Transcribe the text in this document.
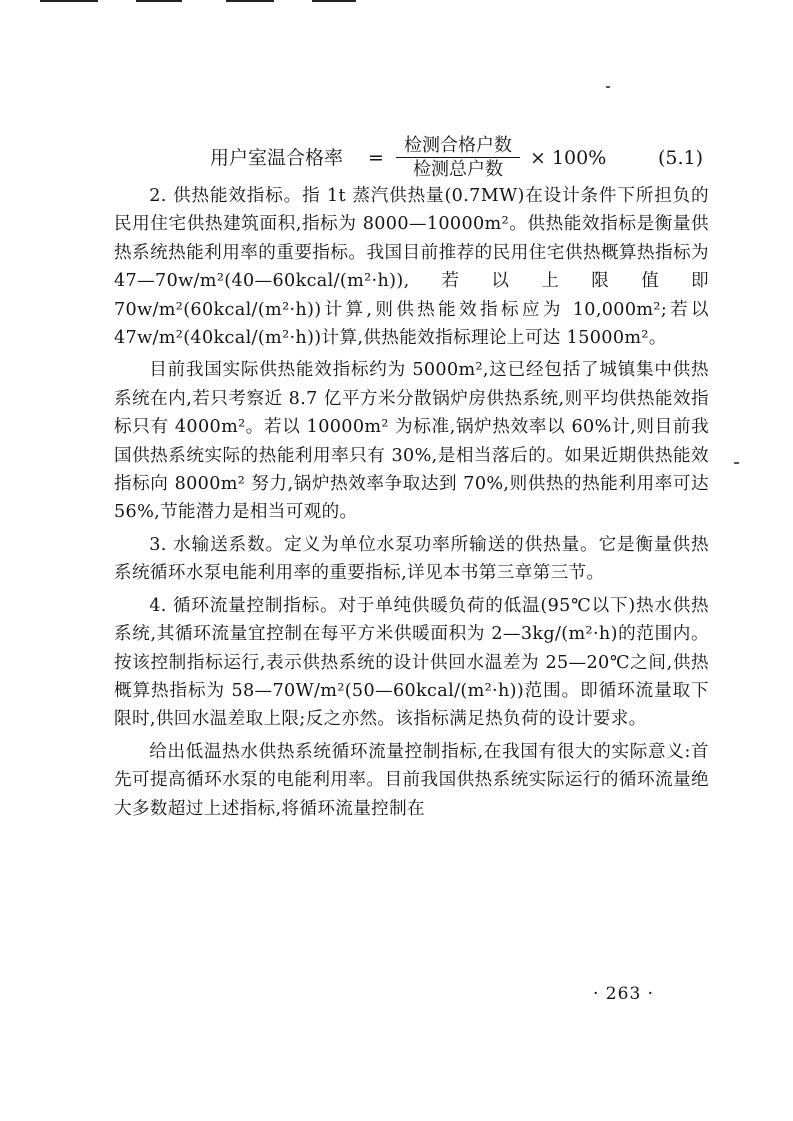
用户室温合格率 =
检测合格户数
检测总户数
× 100%	(5.1)

2. 供热能效指标。指 1t 蒸汽供热量(0.7MW)在设计条件下所担负的民用住宅供热建筑面积,指标为 8000—10000m²。供热能效指标是衡量供热系统热能利用率的重要指标。我国目前推荐的民用住宅供热概算热指标为 47—70w/m²(40—60kcal/(m²·h)),若以上限值即 70w/m²(60kcal/(m²·h))计算,则供热能效指标应为 10,000m²;若以 47w/m²(40kcal/(m²·h))计算,供热能效指标理论上可达 15000m²。

目前我国实际供热能效指标约为 5000m²,这已经包括了城镇集中供热系统在内,若只考察近 8.7 亿平方米分散锅炉房供热系统,则平均供热能效指标只有 4000m²。若以 10000m² 为标准,锅炉热效率以 60%计,则目前我国供热系统实际的热能利用率只有 30%,是相当落后的。如果近期供热能效指标向 8000m² 努力,锅炉热效率争取达到 70%,则供热的热能利用率可达 56%,节能潜力是相当可观的。

3. 水输送系数。定义为单位水泵功率所输送的供热量。它是衡量供热系统循环水泵电能利用率的重要指标,详见本书第三章第三节。

4. 循环流量控制指标。对于单纯供暖负荷的低温(95℃以下)热水供热系统,其循环流量宜控制在每平方米供暖面积为 2—3kg/(m²·h)的范围内。按该控制指标运行,表示供热系统的设计供回水温差为 25—20℃之间,供热概算热指标为 58—70W/m²(50—60kcal/(m²·h))范围。即循环流量取下限时,供回水温差取上限;反之亦然。该指标满足热负荷的设计要求。

给出低温热水供热系统循环流量控制指标,在我国有很大的实际意义:首先可提高循环水泵的电能利用率。目前我国供热系统实际运行的循环流量绝大多数超过上述指标,将循环流量控制在

· 263 ·
